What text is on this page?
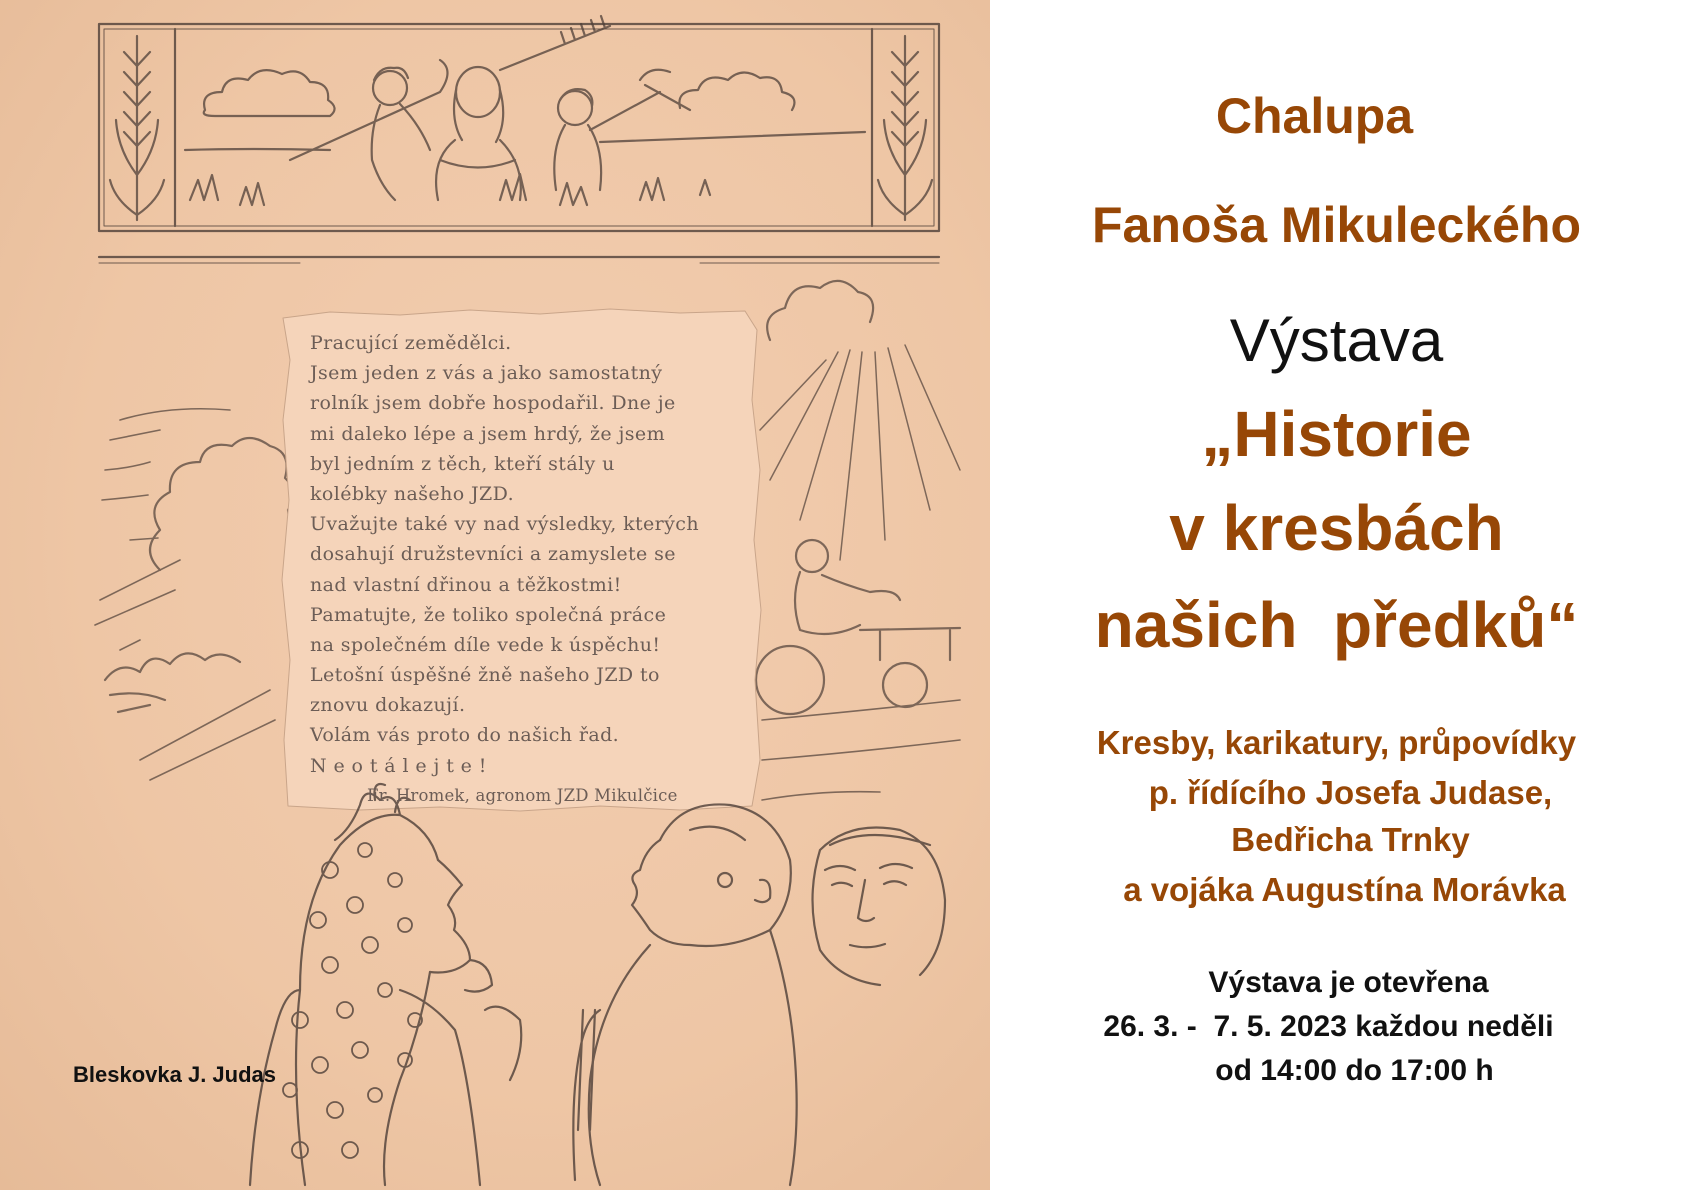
Pracující zemědělci.
Jsem jeden z vás a jako samostatný
rolník jsem dobře hospodařil. Dne je
mi daleko lépe a jsem hrdý, že jsem
byl jedním z těch, kteří stály u
kolébky našeho JZD.
Uvažujte také vy nad výsledky, kterých
dosahují družstevníci a zamyslete se
nad vlastní dřinou a těžkostmi!
Pamatujte, že toliko společná práce
na společném díle vede k úspěchu!
Letošní úspěšné žně našeho JZD to
znovu dokazují.
Volám vás proto do našich řad.
N e o t á l e j t e !
Fr. Hromek, agronom JZD Mikulčice
Bleskovka J. Judas
Chalupa
Fanoša Mikuleckého
Výstava
„Historie
v kresbách
našich  předků“
Kresby, karikatury, průpovídky
p. řídícího Josefa Judase,
Bedřicha Trnky
a vojáka Augustína Morávka
Výstava je otevřena
26. 3. -  7. 5. 2023 každou neděli
od 14:00 do 17:00 h
